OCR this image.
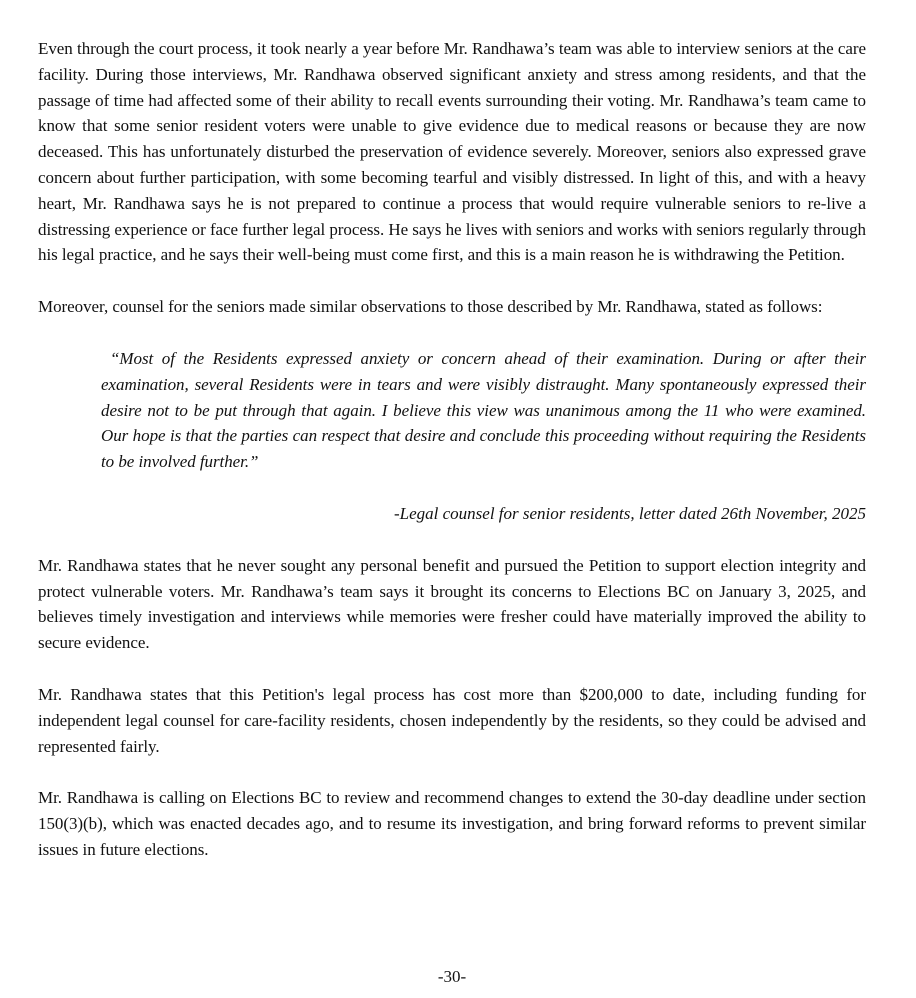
Even through the court process, it took nearly a year before Mr. Randhawa’s team was able to interview seniors at the care facility. During those interviews, Mr. Randhawa observed significant anxiety and stress among residents, and that the passage of time had affected some of their ability to recall events surrounding their voting. Mr. Randhawa’s team came to know that some senior resident voters were unable to give evidence due to medical reasons or because they are now deceased. This has unfortunately disturbed the preservation of evidence severely. Moreover, seniors also expressed grave concern about further participation, with some becoming tearful and visibly distressed. In light of this, and with a heavy heart, Mr. Randhawa says he is not prepared to continue a process that would require vulnerable seniors to re-live a distressing experience or face further legal process. He says he lives with seniors and works with seniors regularly through his legal practice, and he says their well-being must come first, and this is a main reason he is withdrawing the Petition.

Moreover, counsel for the seniors made similar observations to those described by Mr. Randhawa, stated as follows:

“Most of the Residents expressed anxiety or concern ahead of their examination. During or after their examination, several Residents were in tears and were visibly distraught. Many spontaneously expressed their desire not to be put through that again. I believe this view was unanimous among the 11 who were examined. Our hope is that the parties can respect that desire and conclude this proceeding without requiring the Residents to be involved further.”

-Legal counsel for senior residents, letter dated 26th November, 2025

Mr. Randhawa states that he never sought any personal benefit and pursued the Petition to support election integrity and protect vulnerable voters. Mr. Randhawa’s team says it brought its concerns to Elections BC on January 3, 2025, and believes timely investigation and interviews while memories were fresher could have materially improved the ability to secure evidence.

Mr. Randhawa states that this Petition's legal process has cost more than $200,000 to date, including funding for independent legal counsel for care-facility residents, chosen independently by the residents, so they could be advised and represented fairly.

Mr. Randhawa is calling on Elections BC to review and recommend changes to extend the 30-day deadline under section 150(3)(b), which was enacted decades ago, and to resume its investigation, and bring forward reforms to prevent similar issues in future elections.

-30-
